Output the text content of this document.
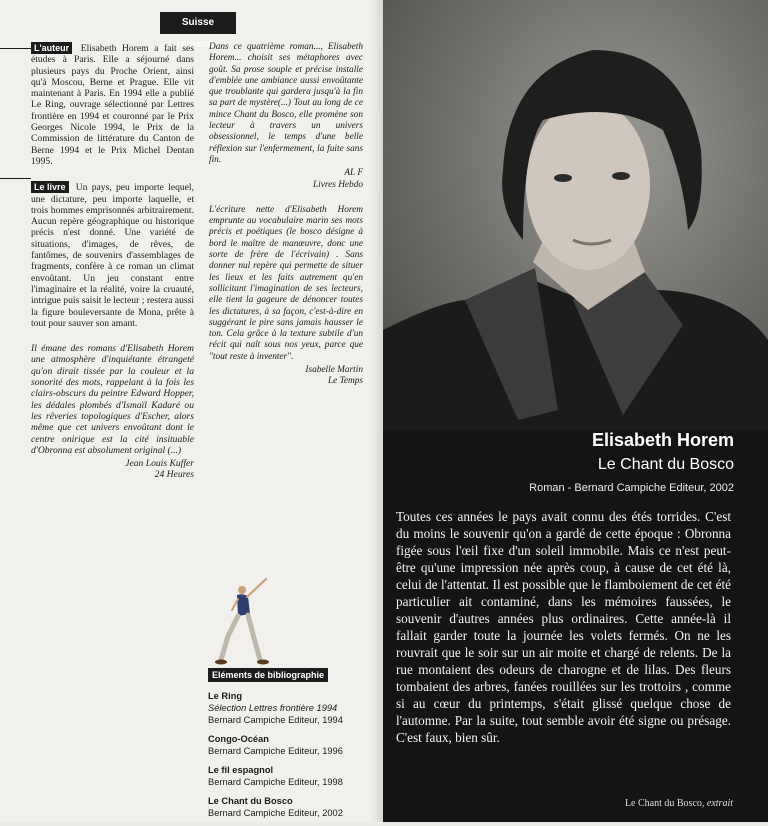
Suisse romande

L'auteur Elisabeth Horem a fait ses études à Paris. Elle a séjourné dans plusieurs pays du Proche Orient, ainsi qu'à Moscou, Berne et Prague. Elle vit maintenant à Paris. En 1994 elle a publié Le Ring, ouvrage sélectionné par Lettres frontière en 1994 et couronné par le Prix Georges Nicole 1994, le Prix de la Commission de littérature du Canton de Berne 1994 et le Prix Michel Dentan 1995.

Le livre Un pays, peu importe lequel, une dictature, peu importe laquelle, et trois hommes emprisonnés arbitrairement. Aucun repère géographique ou historique précis n'est donné. Une variété de situations, d'images, de rêves, de fantômes, de souvenirs d'assemblages de fragments, confère à ce roman un climat envoûtant. Un jeu constant entre l'imaginaire et la réalité, voire la cruauté, intrigue puis saisit le lecteur ; restera aussi la figure bouleversante de Mona, prête à tout pour sauver son amant.

Il émane des romans d'Elisabeth Horem une atmosphère d'inquiétante étrangeté qu'on dirait tissée par la couleur et la sonorité des mots, rappelant à la fois les clairs-obscurs du peintre Edward Hopper, les dédales plombés d'Ismaïl Kadaré ou les rêveries topologiques d'Escher, alors même que cet univers envoûtant dont le centre onirique est la cité insituable d'Obronna est absolument original (...)

Jean Louis Kuffer

24 Heures

Dans ce quatrième roman..., Elisabeth Horem... choisit ses métaphores avec goût. Sa prose souple et précise installe d'emblée une ambiance aussi envoûtante que troublante qui gardera jusqu'à la fin sa part de mystère(...) Tout au long de ce mince Chant du Bosco, elle promène son lecteur à travers un univers obsessionnel, le temps d'une belle réflexion sur l'enfermement, la fuite sans fin.

AL F

Livres Hebdo

L'écriture nette d'Elisabeth Horem emprunte au vocabulaire marin ses mots précis et poétiques (le bosco désigne à bord le maître de manœuvre, donc une sorte de frère de l'écrivain) . Sans donner nul repère qui permette de situer les lieux et les faits autrement qu'en sollicitant l'imagination de ses lecteurs, elle tient la gageure de dénoncer toutes les dictatures, à sa façon, c'est-à-dire en suggérant le pire sans jamais hausser le ton. Cela grâce à la texture subtile d'un récit qui naît sous nos yeux, parce que "tout reste à inventer".

Isabelle Martin

Le Temps

Eléments de bibliographie
Le Ring
Sélection Lettres frontière 1994
Bernard Campiche Editeur, 1994
Congo-Océan
Bernard Campiche Editeur, 1996
Le fil espagnol
Bernard Campiche Editeur, 1998
Le Chant du Bosco
Bernard Campiche Editeur, 2002
Elisabeth Horem
Le Chant du Bosco
Roman - Bernard Campiche Editeur, 2002
Toutes ces années le pays avait connu des étés torrides. C'est du moins le souvenir qu'on a gardé de cette époque : Obronna figée sous l'œil fixe d'un soleil immobile. Mais ce n'est peut-être qu'une impression née après coup, à cause de cet été là, celui de l'attentat. Il est possible que le flamboiement de cet été particulier ait contaminé, dans les mémoires faussées, le souvenir d'autres années plus ordinaires. Cette année-là il fallait garder toute la journée les volets fermés. On ne les rouvrait que le soir sur un air moite et chargé de relents. De la rue montaient des odeurs de charogne et de lilas. Des fleurs tombaient des arbres, fanées rouillées sur les trottoirs , comme si au cœur du printemps, s'était glissé quelque chose de l'automne. Par la suite, tout semble avoir été signe ou présage. C'est faux, bien sûr.
Le Chant du Bosco, extrait
